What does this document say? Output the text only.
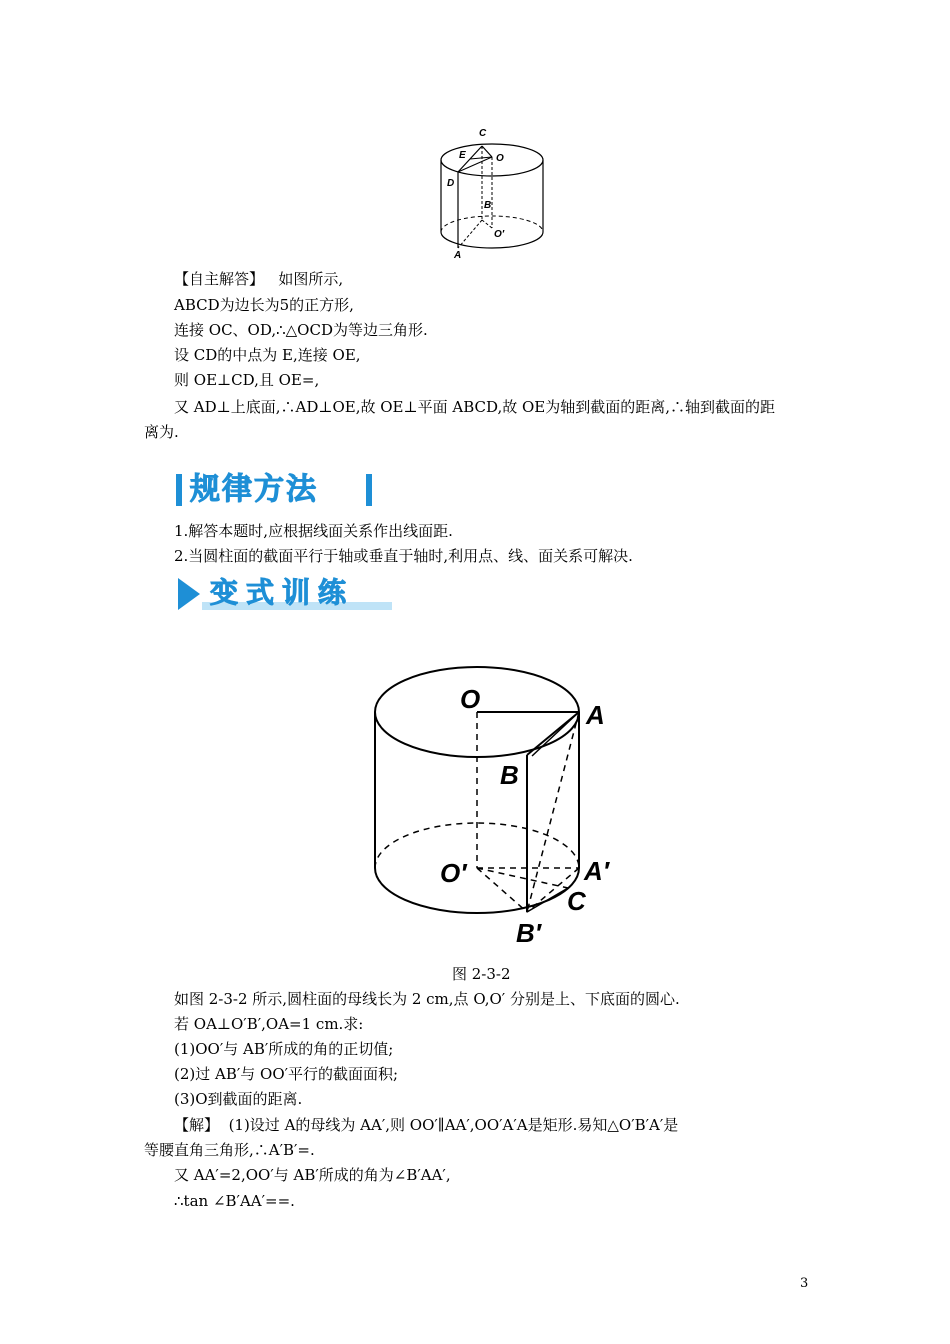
C
E	O
D
B
O′
A
【自主解答】 如图所示,
ABCD为边长为5的正方形,
连接 OC、OD,∴△OCD为等边三角形.
设 CD的中点为 E,连接 OE,
则 OE⊥CD,且 OE=,
又 AD⊥上底面,∴AD⊥OE,故 OE⊥平面 ABCD,故 OE为轴到截面的距离,∴轴到截面的距
离为.
规律方法
1.解答本题时,应根据线面关系作出线面距.
2.当圆柱面的截面平行于轴或垂直于轴时,利用点、线、面关系可解决.
变式训练
O
A
B
O′	A′
C
B′
图 2-3-2
如图 2-3-2 所示,圆柱面的母线长为 2 cm,点 O,O′ 分别是上、下底面的圆心.
若 OA⊥O′B′,OA=1 cm.求:
(1)OO′与 AB′所成的角的正切值;
(2)过 AB′与 OO′平行的截面面积;
(3)O到截面的距离.
【解】 (1)设过 A的母线为 AA′,则 OO′∥AA′,OO′A′A是矩形.易知△O′B′A′是
等腰直角三角形,∴A′B′=.
又 AA′=2,OO′与 AB′所成的角为∠B′AA′,
∴tan ∠B′AA′==.
3
